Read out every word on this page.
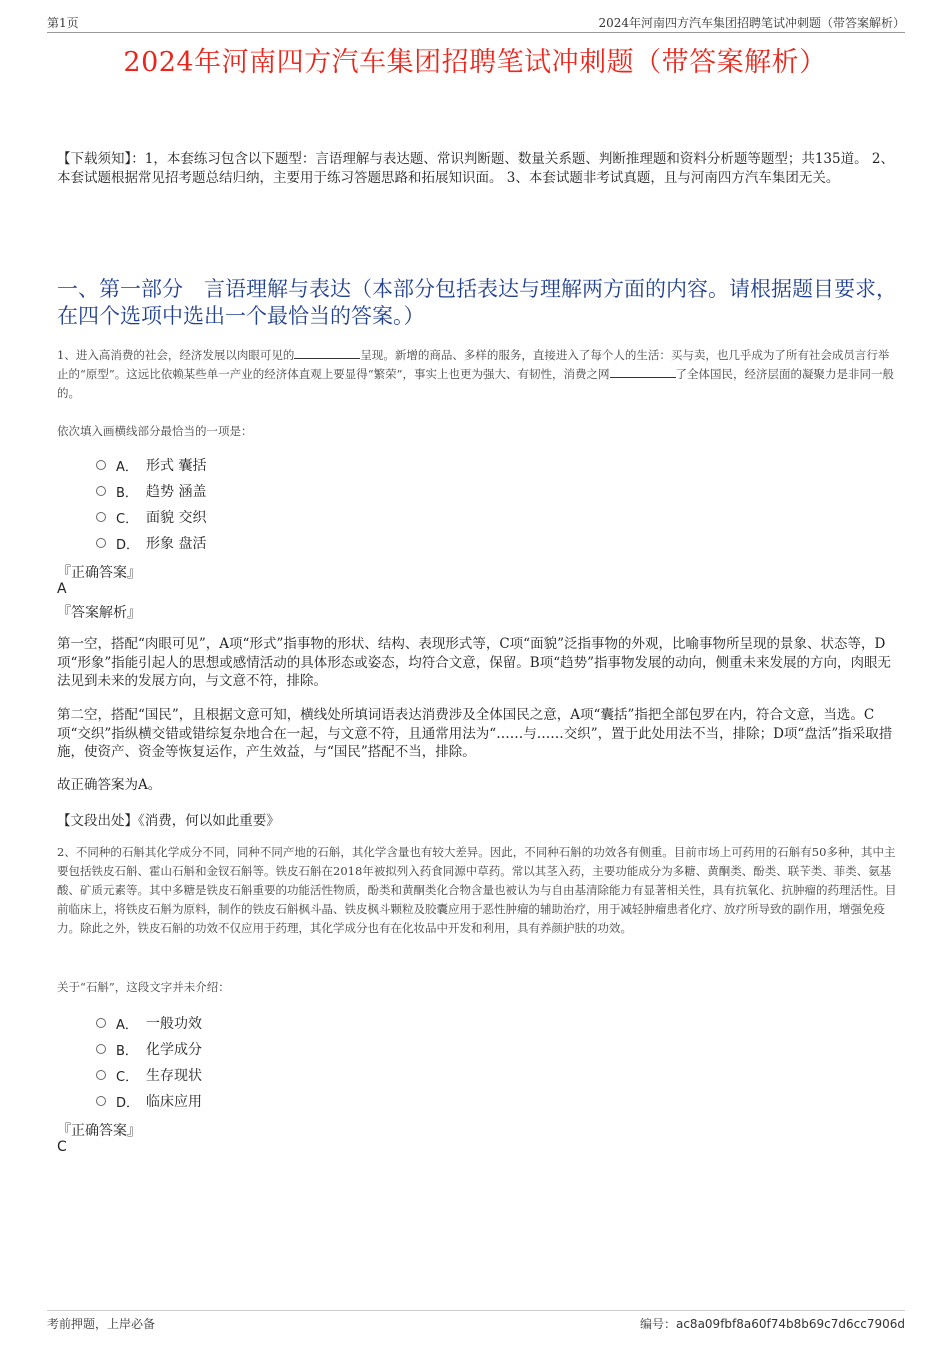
第1页	2024年河南四方汽车集团招聘笔试冲刺题（带答案解析）
2024年河南四方汽车集团招聘笔试冲刺题（带答案解析）
【下载须知】：1，本套练习包含以下题型：言语理解与表达题、常识判断题、数量关系题、判断推理题和资料分析题等题型；共135道。 2、本套试题根据常见招考题总结归纳，主要用于练习答题思路和拓展知识面。 3、本套试题非考试真题，且与河南四方汽车集团无关。
一、第一部分　言语理解与表达（本部分包括表达与理解两方面的内容。请根据题目要求，在四个选项中选出一个最恰当的答案。）
1、进入高消费的社会，经济发展以肉眼可见的	呈现。新增的商品、多样的服务，直接进入了每个人的生活：买与卖，也几乎成为了所有社会成员言行举止的“原型”。这远比依赖某些单一产业的经济体直观上要显得“繁荣”，事实上也更为强大、有韧性，消费之网	了全体国民，经济层面的凝聚力是非同一般的。
依次填入画横线部分最恰当的一项是：
A． 形式 囊括
B． 趋势 涵盖
C． 面貌 交织
D． 形象 盘活
『正确答案』
A
『答案解析』
第一空，搭配“肉眼可见”，A项“形式”指事物的形状、结构、表现形式等，C项“面貌”泛指事物的外观，比喻事物所呈现的景象、状态等，D项“形象”指能引起人的思想或感情活动的具体形态或姿态，均符合文意，保留。B项“趋势”指事物发展的动向，侧重未来发展的方向，肉眼无法见到未来的发展方向，与文意不符，排除。
第二空，搭配“国民”，且根据文意可知，横线处所填词语表达消费涉及全体国民之意，A项“囊括”指把全部包罗在内，符合文意，当选。C项“交织”指纵横交错或错综复杂地合在一起，与文意不符，且通常用法为“……与……交织”，置于此处用法不当，排除；D项“盘活”指采取措施，使资产、资金等恢复运作，产生效益，与“国民”搭配不当，排除。
故正确答案为A。
【文段出处】《消费，何以如此重要》
2、不同种的石斛其化学成分不同，同种不同产地的石斛，其化学含量也有较大差异。因此，不同种石斛的功效各有侧重。目前市场上可药用的石斛有50多种，其中主要包括铁皮石斛、霍山石斛和金钗石斛等。铁皮石斛在2018年被拟列入药食同源中草药。常以其茎入药，主要功能成分为多糖、黄酮类、酚类、联苄类、菲类、氨基酸、矿质元素等。其中多糖是铁皮石斛重要的功能活性物质，酚类和黄酮类化合物含量也被认为与自由基清除能力有显著相关性，具有抗氧化、抗肿瘤的药理活性。目前临床上，将铁皮石斛为原料，制作的铁皮石斛枫斗晶、铁皮枫斗颗粒及胶囊应用于恶性肿瘤的辅助治疗，用于减轻肿瘤患者化疗、放疗所导致的副作用，增强免疫力。除此之外，铁皮石斛的功效不仅应用于药理，其化学成分也有在化妆品中开发和利用，具有养颜护肤的功效。
关于“石斛”，这段文字并未介绍：
A． 一般功效
B． 化学成分
C． 生存现状
D． 临床应用
『正确答案』
C
考前押题，上岸必备	编号：ac8a09fbf8a60f74b8b69c7d6cc7906d
